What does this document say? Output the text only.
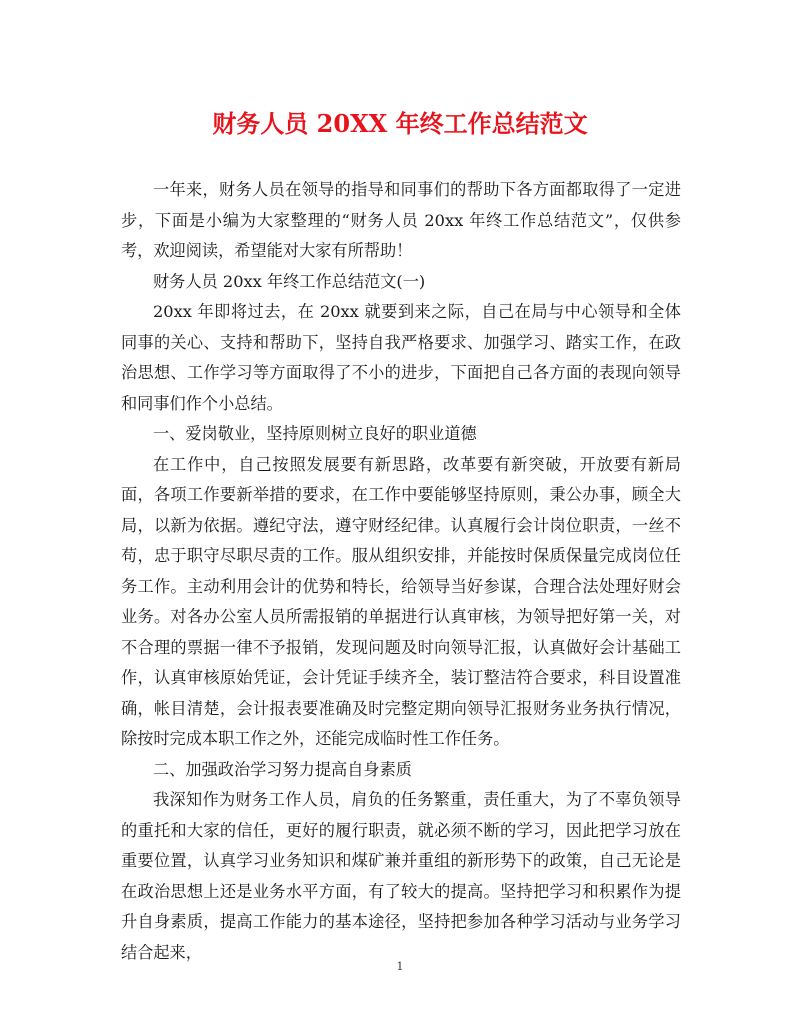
财务人员 20XX 年终工作总结范文

一年来，财务人员在领导的指导和同事们的帮助下各方面都取得了一定进步，下面是小编为大家整理的“财务人员 20xx 年终工作总结范文”，仅供参考，欢迎阅读，希望能对大家有所帮助！

财务人员 20xx 年终工作总结范文(一)

20xx 年即将过去，在 20xx 就要到来之际，自己在局与中心领导和全体同事的关心、支持和帮助下，坚持自我严格要求、加强学习、踏实工作，在政治思想、工作学习等方面取得了不小的进步，下面把自己各方面的表现向领导和同事们作个小总结。

一、爱岗敬业，坚持原则树立良好的职业道德

在工作中，自己按照发展要有新思路，改革要有新突破，开放要有新局面，各项工作要新举措的要求，在工作中要能够坚持原则，秉公办事，顾全大局，以新为依据。遵纪守法，遵守财经纪律。认真履行会计岗位职责，一丝不苟，忠于职守尽职尽责的工作。服从组织安排，并能按时保质保量完成岗位任务工作。主动利用会计的优势和特长，给领导当好参谋，合理合法处理好财会业务。对各办公室人员所需报销的单据进行认真审核，为领导把好第一关，对不合理的票据一律不予报销，发现问题及时向领导汇报，认真做好会计基础工作，认真审核原始凭证，会计凭证手续齐全，装订整洁符合要求，科目设置准确，帐目清楚，会计报表要准确及时完整定期向领导汇报财务业务执行情况，除按时完成本职工作之外，还能完成临时性工作任务。

二、加强政治学习努力提高自身素质

我深知作为财务工作人员，肩负的任务繁重，责任重大，为了不辜负领导的重托和大家的信任，更好的履行职责，就必须不断的学习，因此把学习放在重要位置，认真学习业务知识和煤矿兼并重组的新形势下的政策，自己无论是在政治思想上还是业务水平方面，有了较大的提高。坚持把学习和积累作为提升自身素质，提高工作能力的基本途径，坚持把参加各种学习活动与业务学习结合起来，

1
